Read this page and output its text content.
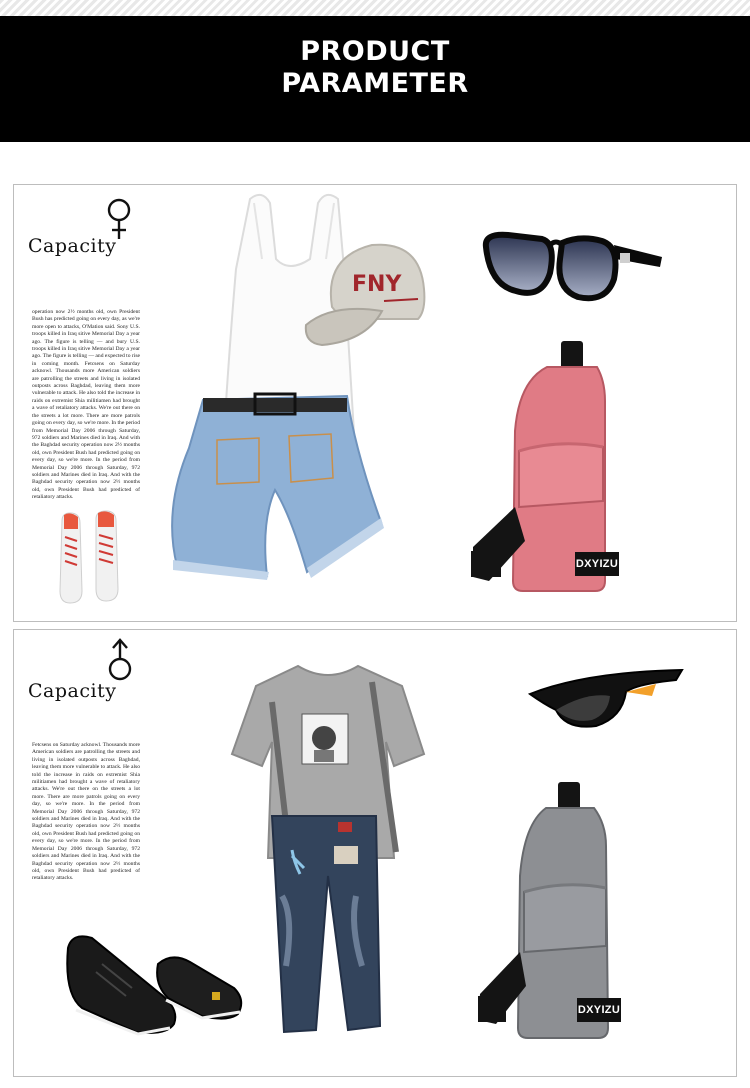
PRODUCT
PARAMETER
Capacity
operation now 2½ months old, own President Bush has predicted going on every day, as we're more open to attacks, O'Mation said. Sony U.S. troops killed in Iraq sitive Memorial Day a year ago. The figure is telling — and bury U.S. troops killed in Iraq sitive Memorial Day a year ago. The figure is telling — and expected to rise in coming month. Fetcsens on Saturday acknowl. Thousands more American soldiers are patrolling the streets and living in isolated outposts across Baghdad, leaving them more vulnerable to attack. He also told the increase in raids on extremist Shia militiamen had brought a wave of retaliatory attacks. We're out there on the streets a lot more. There are more patrols going on every day, so we're more. In the period from Memorial Day 2006 through Saturday, 972 soldiers and Marines died in Iraq. And with the Baghdad security operation now 2½ months old, own President Bush had predicted going on every day, so we're more. In the period from Memorial Day 2006 through Saturday, 972 soldiers and Marines died in Iraq. And with the Baghdad security operation now 2½ months old, own President Bush had predicted of retaliatory attacks.
FNY
DXYIZU
Capacity
Fetcsens on Saturday acknowl. Thousands more American soldiers are patrolling the streets and living in isolated outposts across Baghdad, leaving them more vulnerable to attack. He also told the increase in raids on extremist Shia militiamen had brought a wave of retaliatory attacks. We're out there on the streets a lot more. There are more patrols going on every day, so we're more. In the period from Memorial Day 2006 through Saturday, 972 soldiers and Marines died in Iraq. And with the Baghdad security operation now 2½ months old, own President Bush had predicted going on every day, so we're more. In the period from Memorial Day 2006 through Saturday, 972 soldiers and Marines died in Iraq. And with the Baghdad security operation now 2½ months old, own President Bush had predicted of retaliatory attacks.
DXYIZU
